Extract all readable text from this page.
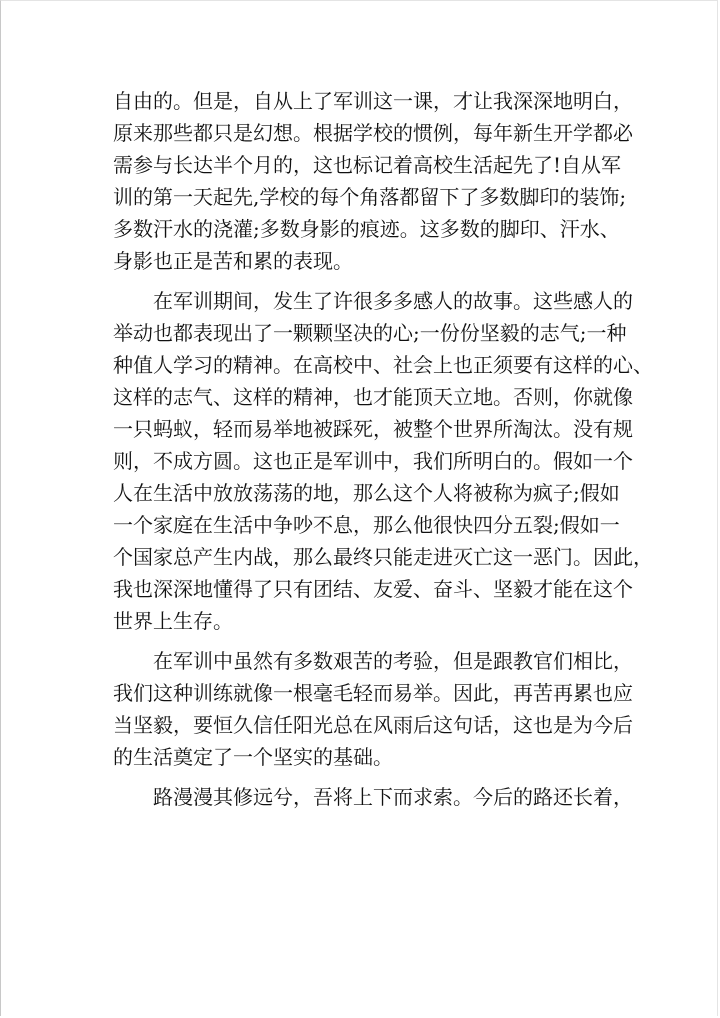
自由的。但是，自从上了军训这一课，才让我深深地明白，

原来那些都只是幻想。根据学校的惯例，每年新生开学都必

需参与长达半个月的，这也标记着高校生活起先了!自从军

训的第一天起先,学校的每个角落都留下了多数脚印的装饰;

多数汗水的浇灌;多数身影的痕迹。这多数的脚印、汗水、

身影也正是苦和累的表现。

　　在军训期间，发生了许很多多感人的故事。这些感人的

举动也都表现出了一颗颗坚决的心;一份份坚毅的志气;一种

种值人学习的精神。在高校中、社会上也正须要有这样的心、

这样的志气、这样的精神，也才能顶天立地。否则，你就像

一只蚂蚁，轻而易举地被踩死，被整个世界所淘汰。没有规

则，不成方圆。这也正是军训中，我们所明白的。假如一个

人在生活中放放荡荡的地，那么这个人将被称为疯子;假如

一个家庭在生活中争吵不息，那么他很快四分五裂;假如一

个国家总产生内战，那么最终只能走进灭亡这一恶门。因此，

我也深深地懂得了只有团结、友爱、奋斗、坚毅才能在这个

世界上生存。

　　在军训中虽然有多数艰苦的考验，但是跟教官们相比，

我们这种训练就像一根毫毛轻而易举。因此，再苦再累也应

当坚毅，要恒久信任阳光总在风雨后这句话，这也是为今后

的生活奠定了一个坚实的基础。

　　路漫漫其修远兮，吾将上下而求索。今后的路还长着，
